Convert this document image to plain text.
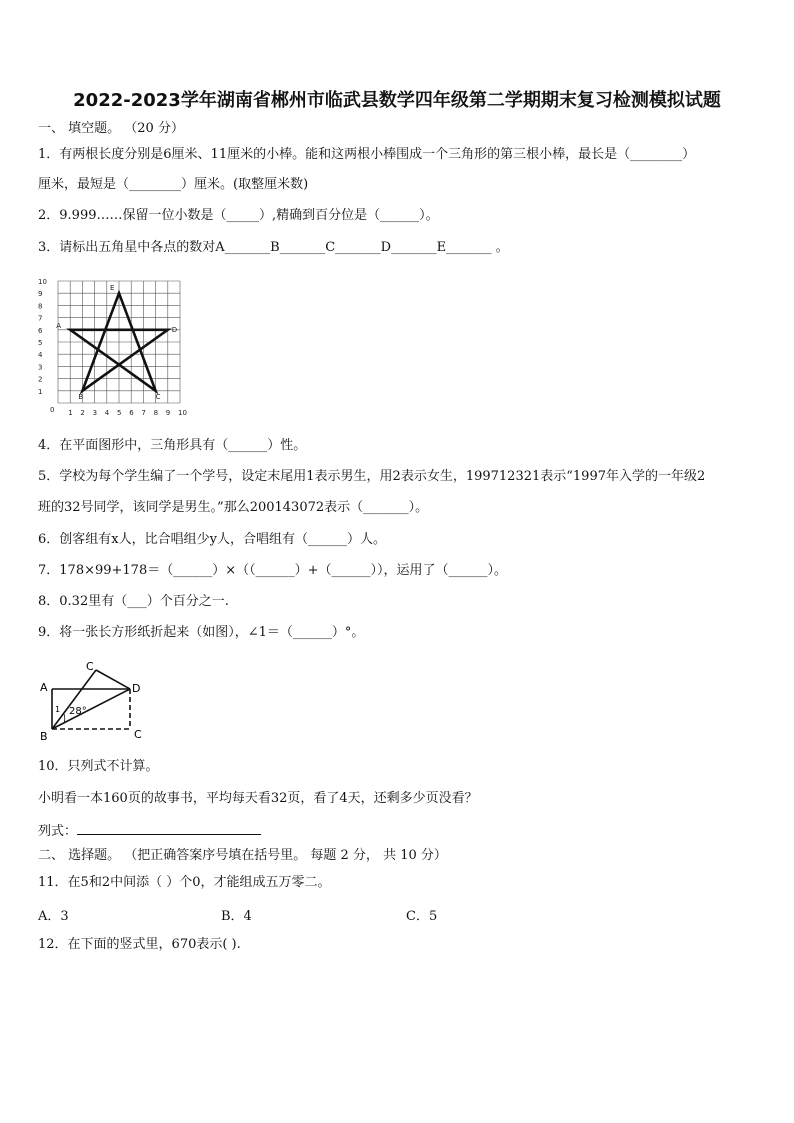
2022-2023学年湖南省郴州市临武县数学四年级第二学期期末复习检测模拟试题
一、 填空题。 （20 分）
1．有两根长度分别是6厘米、11厘米的小棒。能和这两根小棒围成一个三角形的第三根小棒，最长是（________）
厘米，最短是（________）厘米。(取整厘米数)
2．9.999……保留一位小数是（_____）,精确到百分位是（______）。
3．请标出五角星中各点的数对A_______B_______C_______D_______E_______ 。
1 2 3 4 5 6 7 8 9 10
1
2
3
4
5
6
7
8
9
10
0
A
B	C
D
E
4．在平面图形中，三角形具有（______）性。
5．学校为每个学生编了一个学号，设定末尾用1表示男生，用2表示女生，199712321表示“1997年入学的一年级2
班的32号同学，该同学是男生。”那么200143072表示（_______）。
6．创客组有x人，比合唱组少y人，合唱组有（______）人。
7．178×99+178＝（______）×（（______）+（______）），运用了（______）。
8．0.32里有（___）个百分之一.
9．将一张长方形纸折起来（如图），∠1＝（______）°。
A
B
C
D
C
1 28°
10．只列式不计算。
小明看一本160页的故事书，平均每天看32页，看了4天，还剩多少页没看？
列式：
二、 选择题。 （把正确答案序号填在括号里。 每题 2 分， 共 10 分）
11．在5和2中间添（ ）个0，才能组成五万零二。
A．3	B．4	C．5
12．在下面的竖式里，670表示( ).
